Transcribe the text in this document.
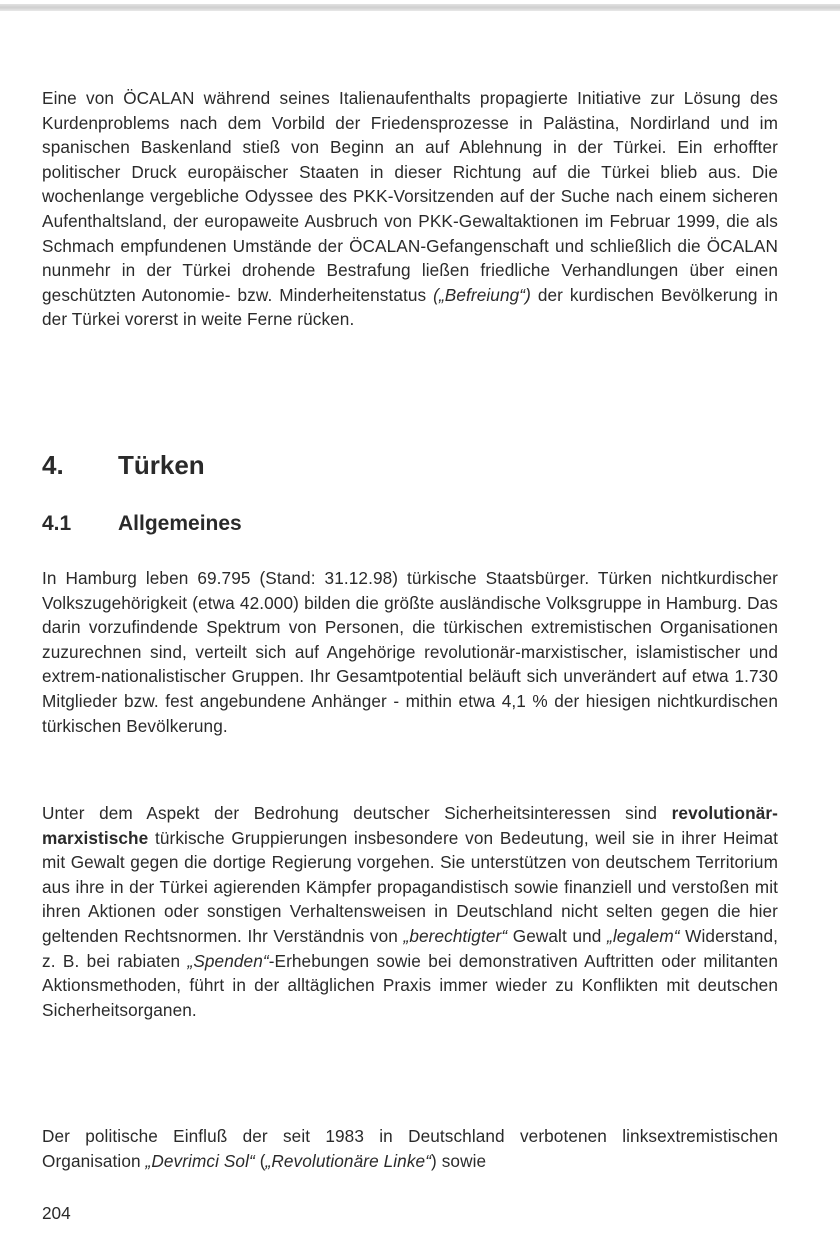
Eine von ÖCALAN während seines Italienaufenthalts propagierte Initiative zur Lösung des Kurdenproblems nach dem Vorbild der Friedensprozesse in Palästina, Nordirland und im spanischen Baskenland stieß von Beginn an auf Ablehnung in der Türkei. Ein erhoffter politischer Druck europäischer Staaten in dieser Richtung auf die Türkei blieb aus. Die wochenlange vergebliche Odyssee des PKK-Vorsitzenden auf der Suche nach einem sicheren Aufenthaltsland, der europaweite Ausbruch von PKK-Gewaltaktionen im Februar 1999, die als Schmach empfundenen Umstände der ÖCALAN-Gefangenschaft und schließlich die ÖCALAN nunmehr in der Türkei drohende Bestrafung ließen friedliche Verhandlungen über einen geschützten Autonomie- bzw. Minderheitenstatus („Befreiung“) der kurdischen Bevölkerung in der Türkei vorerst in weite Ferne rücken.

4. Türken
4.1 Allgemeines

In Hamburg leben 69.795 (Stand: 31.12.98) türkische Staatsbürger. Türken nichtkurdischer Volkszugehörigkeit (etwa 42.000) bilden die größte ausländische Volksgruppe in Hamburg. Das darin vorzufindende Spektrum von Personen, die türkischen extremistischen Organisationen zuzurechnen sind, verteilt sich auf Angehörige revolutionär-marxistischer, islamistischer und extrem-nationalistischer Gruppen. Ihr Gesamtpotential beläuft sich unverändert auf etwa 1.730 Mitglieder bzw. fest angebundene Anhänger - mithin etwa 4,1 % der hiesigen nichtkurdischen türkischen Bevölkerung.

Unter dem Aspekt der Bedrohung deutscher Sicherheitsinteressen sind revolutionär-marxistische türkische Gruppierungen insbesondere von Bedeutung, weil sie in ihrer Heimat mit Gewalt gegen die dortige Regierung vorgehen. Sie unterstützen von deutschem Territorium aus ihre in der Türkei agierenden Kämpfer propagandistisch sowie finanziell und verstoßen mit ihren Aktionen oder sonstigen Verhaltensweisen in Deutschland nicht selten gegen die hier geltenden Rechtsnormen. Ihr Verständnis von „berechtigter“ Gewalt und „legalem“ Widerstand, z. B. bei rabiaten „Spenden“-Erhebungen sowie bei demonstrativen Auftritten oder militanten Aktionsmethoden, führt in der alltäglichen Praxis immer wieder zu Konflikten mit deutschen Sicherheitsorganen.

Der politische Einfluß der seit 1983 in Deutschland verbotenen linksextremistischen Organisation „Devrimci Sol“ („Revolutionäre Linke“) sowie

204
